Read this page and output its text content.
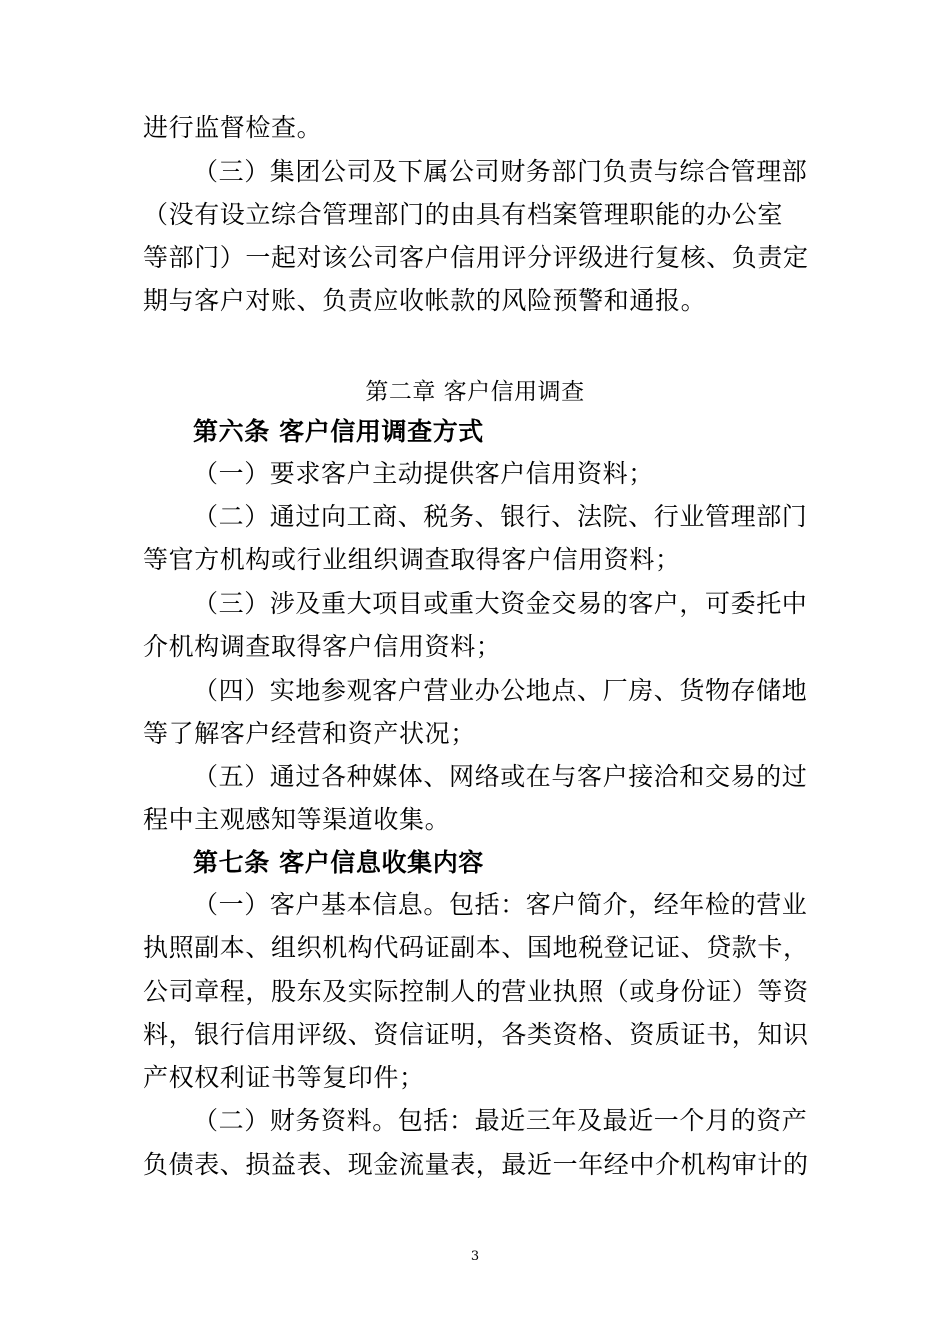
进行监督检查。
（三）集团公司及下属公司财务部门负责与综合管理部
（没有设立综合管理部门的由具有档案管理职能的办公室
等部门）一起对该公司客户信用评分评级进行复核、负责定
期与客户对账、负责应收帐款的风险预警和通报。
第二章 客户信用调查
第六条 客户信用调查方式
（一）要求客户主动提供客户信用资料；
（二）通过向工商、税务、银行、法院、行业管理部门
等官方机构或行业组织调查取得客户信用资料；
（三）涉及重大项目或重大资金交易的客户，可委托中
介机构调查取得客户信用资料；
（四）实地参观客户营业办公地点、厂房、货物存储地
等了解客户经营和资产状况；
（五）通过各种媒体、网络或在与客户接洽和交易的过
程中主观感知等渠道收集。
第七条 客户信息收集内容
（一）客户基本信息。包括：客户简介，经年检的营业
执照副本、组织机构代码证副本、国地税登记证、贷款卡，
公司章程，股东及实际控制人的营业执照（或身份证）等资
料，银行信用评级、资信证明，各类资格、资质证书，知识
产权权利证书等复印件；
（二）财务资料。包括：最近三年及最近一个月的资产
负债表、损益表、现金流量表，最近一年经中介机构审计的
3
